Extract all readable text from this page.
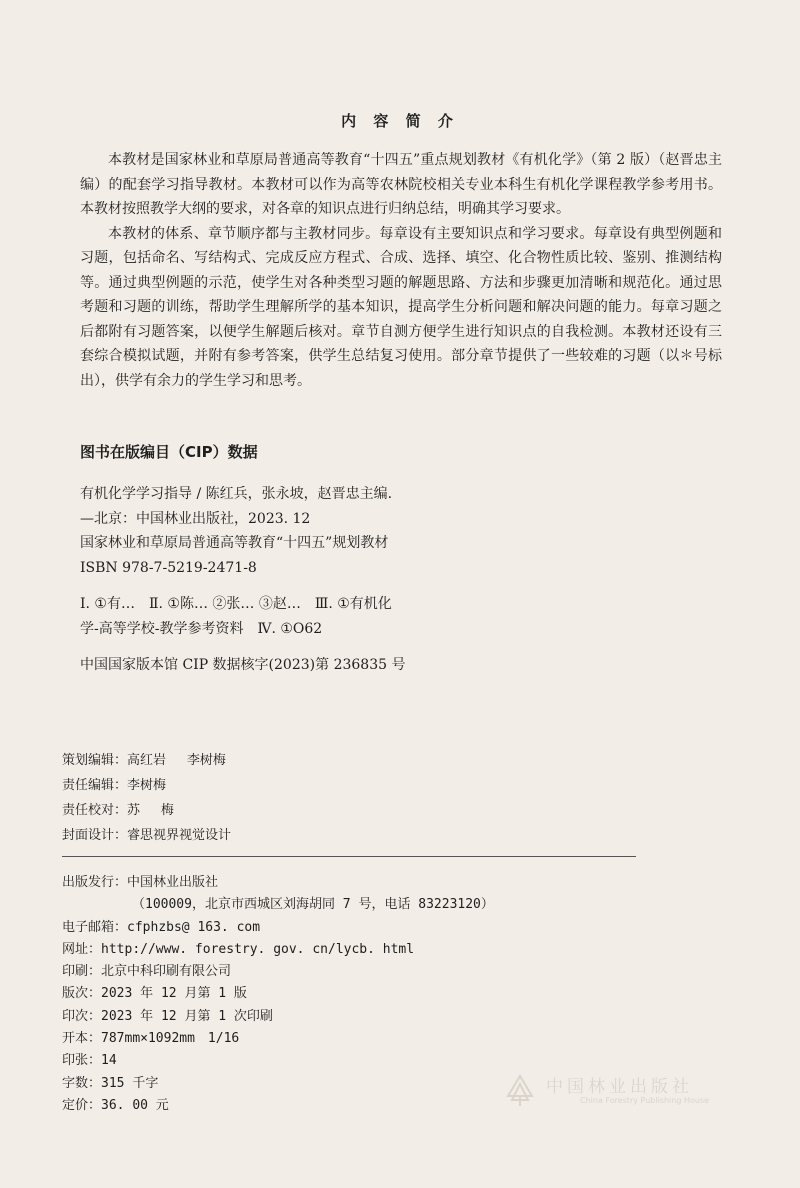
内 容 简 介

本教材是国家林业和草原局普通高等教育“十四五”重点规划教材《有机化学》（第 2 版）（赵晋忠主编）的配套学习指导教材。本教材可以作为高等农林院校相关专业本科生有机化学课程教学参考用书。本教材按照教学大纲的要求，对各章的知识点进行归纳总结，明确其学习要求。

本教材的体系、章节顺序都与主教材同步。每章设有主要知识点和学习要求。每章设有典型例题和习题，包括命名、写结构式、完成反应方程式、合成、选择、填空、化合物性质比较、鉴别、推测结构等。通过典型例题的示范，使学生对各种类型习题的解题思路、方法和步骤更加清晰和规范化。通过思考题和习题的训练，帮助学生理解所学的基本知识，提高学生分析问题和解决问题的能力。每章习题之后都附有习题答案，以便学生解题后核对。章节自测方便学生进行知识点的自我检测。本教材还设有三套综合模拟试题，并附有参考答案，供学生总结复习使用。部分章节提供了一些较难的习题（以＊号标出），供学有余力的学生学习和思考。

图书在版编目（CIP）数据
有机化学学习指导 / 陈红兵，张永坡，赵晋忠主编.
—北京：中国林业出版社，2023. 12
国家林业和草原局普通高等教育“十四五”规划教材
ISBN 978-7-5219-2471-8
Ⅰ. ①有…　Ⅱ. ①陈… ②张… ③赵…　Ⅲ. ①有机化
学-高等学校-教学参考资料　Ⅳ. ①O62
中国国家版本馆 CIP 数据核字(2023)第 236835 号
策划编辑：高红岩　 李树梅
责任编辑：李树梅
责任校对：苏　 梅
封面设计：睿思视界视觉设计
出版发行：中国林业出版社
（100009，北京市西城区刘海胡同 7 号，电话 83223120）
电子邮箱：cfphzbs@ 163. com
网址：http://www. forestry. gov. cn/lycb. html
印刷：北京中科印刷有限公司
版次：2023 年 12 月第 1 版
印次：2023 年 12 月第 1 次印刷
开本：787mm×1092mm　1/16
印张：14
字数：315 千字
定价：36. 00 元
中国林业出版社
China Forestry Publishing House
